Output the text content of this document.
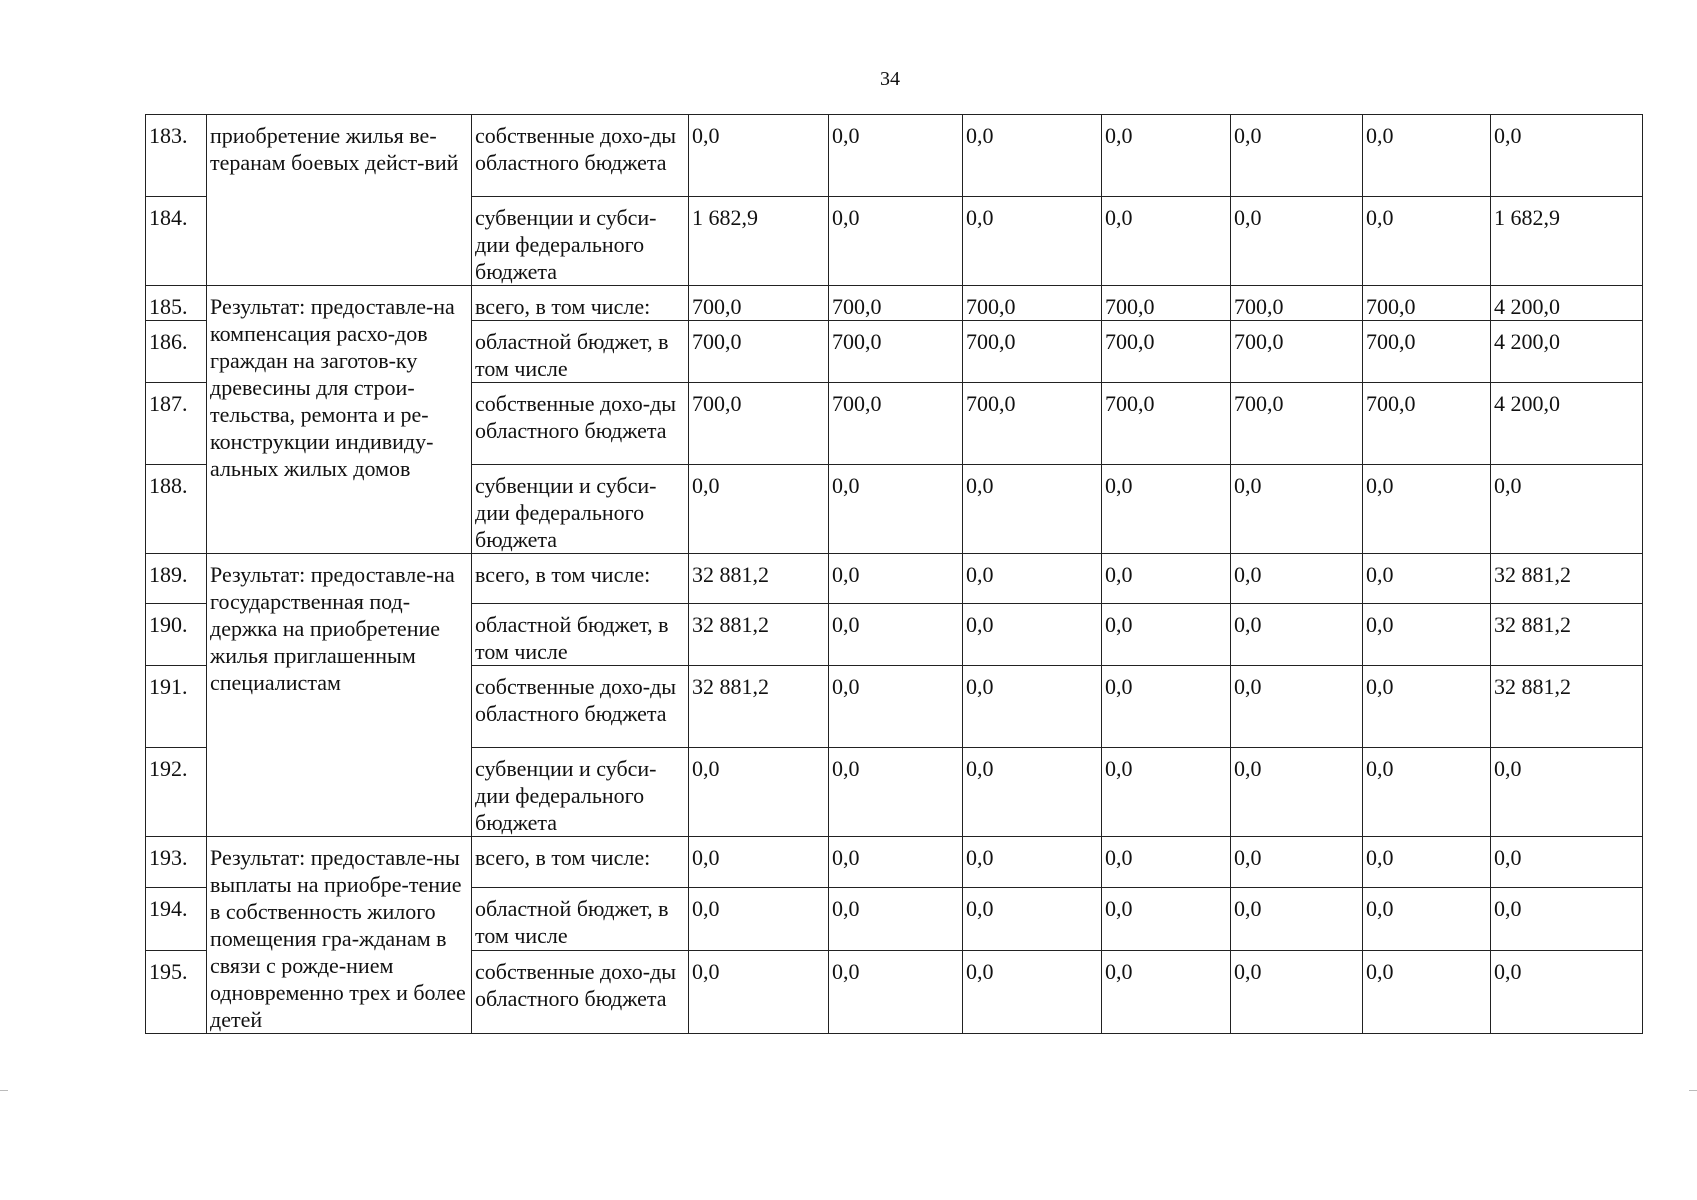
34
183.	приобретение жилья ве-теранам боевых дейст-вий	собственные дохо-ды областного бюджета	0,0	0,0	0,0	0,0	0,0	0,0	0,0
184.		субвенции и субси-дии федерального бюджета	1 682,9	0,0	0,0	0,0	0,0	0,0	1 682,9
185.	Результат: предоставле-на компенсация расхо-дов граждан на заготов-ку древесины для строи-тельства, ремонта и ре-конструкции индивиду-альных жилых домов	всего, в том числе:	700,0	700,0	700,0	700,0	700,0	700,0	4 200,0
186.		областной бюджет, в том числе	700,0	700,0	700,0	700,0	700,0	700,0	4 200,0
187.		собственные дохо-ды областного бюджета	700,0	700,0	700,0	700,0	700,0	700,0	4 200,0
188.		субвенции и субси-дии федерального бюджета	0,0	0,0	0,0	0,0	0,0	0,0	0,0
189.	Результат: предоставле-на государственная под-держка на приобретение жилья приглашенным специалистам	всего, в том числе:	32 881,2	0,0	0,0	0,0	0,0	0,0	32 881,2
190.		областной бюджет, в том числе	32 881,2	0,0	0,0	0,0	0,0	0,0	32 881,2
191.		собственные дохо-ды областного бюджета	32 881,2	0,0	0,0	0,0	0,0	0,0	32 881,2
192.		субвенции и субси-дии федерального бюджета	0,0	0,0	0,0	0,0	0,0	0,0	0,0
193.	Результат: предоставле-ны выплаты на приобре-тение в собственность жилого помещения гра-жданам в связи с рожде-нием одновременно трех и более детей	всего, в том числе:	0,0	0,0	0,0	0,0	0,0	0,0	0,0
194.		областной бюджет, в том числе	0,0	0,0	0,0	0,0	0,0	0,0	0,0
195.		собственные дохо-ды областного бюджета	0,0	0,0	0,0	0,0	0,0	0,0	0,0
